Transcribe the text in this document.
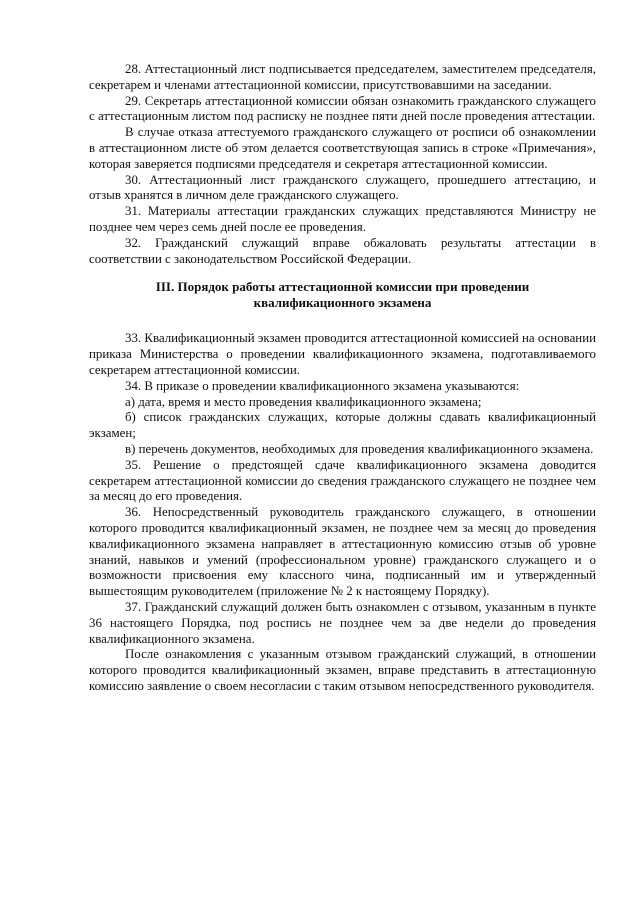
28. Аттестационный лист подписывается председателем, заместителем председателя, секретарем и членами аттестационной комиссии, присутствовавшими на заседании.

29. Секретарь аттестационной комиссии обязан ознакомить гражданского служащего с аттестационным листом под расписку не позднее пяти дней после проведения аттестации.

В случае отказа аттестуемого гражданского служащего от росписи об ознакомлении в аттестационном листе об этом делается соответствующая запись в строке «Примечания», которая заверяется подписями председателя и секретаря аттестационной комиссии.

30. Аттестационный лист гражданского служащего, прошедшего аттестацию, и отзыв хранятся в личном деле гражданского служащего.

31. Материалы аттестации гражданских служащих представляются Министру не позднее чем через семь дней после ее проведения.

32. Гражданский служащий вправе обжаловать результаты аттестации в соответствии с законодательством Российской Федерации.

III. Порядок работы аттестационной комиссии при проведении
квалификационного экзамена

33. Квалификационный экзамен проводится аттестационной комиссией на основании приказа Министерства о проведении квалификационного экзамена, подготавливаемого секретарем аттестационной комиссии.

34. В приказе о проведении квалификационного экзамена указываются:

а) дата, время и место проведения квалификационного экзамена;

б) список гражданских служащих, которые должны сдавать квалификационный экзамен;

в) перечень документов, необходимых для проведения квалификационного экзамена.

35. Решение о предстоящей сдаче квалификационного экзамена доводится секретарем аттестационной комиссии до сведения гражданского служащего не позднее чем за месяц до его проведения.

36. Непосредственный руководитель гражданского служащего, в отношении которого проводится квалификационный экзамен, не позднее чем за месяц до проведения квалификационного экзамена направляет в аттестационную комиссию отзыв об уровне знаний, навыков и умений (профессиональном уровне) гражданского служащего и о возможности присвоения ему классного чина, подписанный им и утвержденный вышестоящим руководителем (приложение № 2 к настоящему Порядку).

37. Гражданский служащий должен быть ознакомлен с отзывом, указанным в пункте 36 настоящего Порядка, под роспись не позднее чем за две недели до проведения квалификационного экзамена.

После ознакомления с указанным отзывом гражданский служащий, в отношении которого проводится квалификационный экзамен, вправе представить в аттестационную комиссию заявление о своем несогласии с таким отзывом непосредственного руководителя.
